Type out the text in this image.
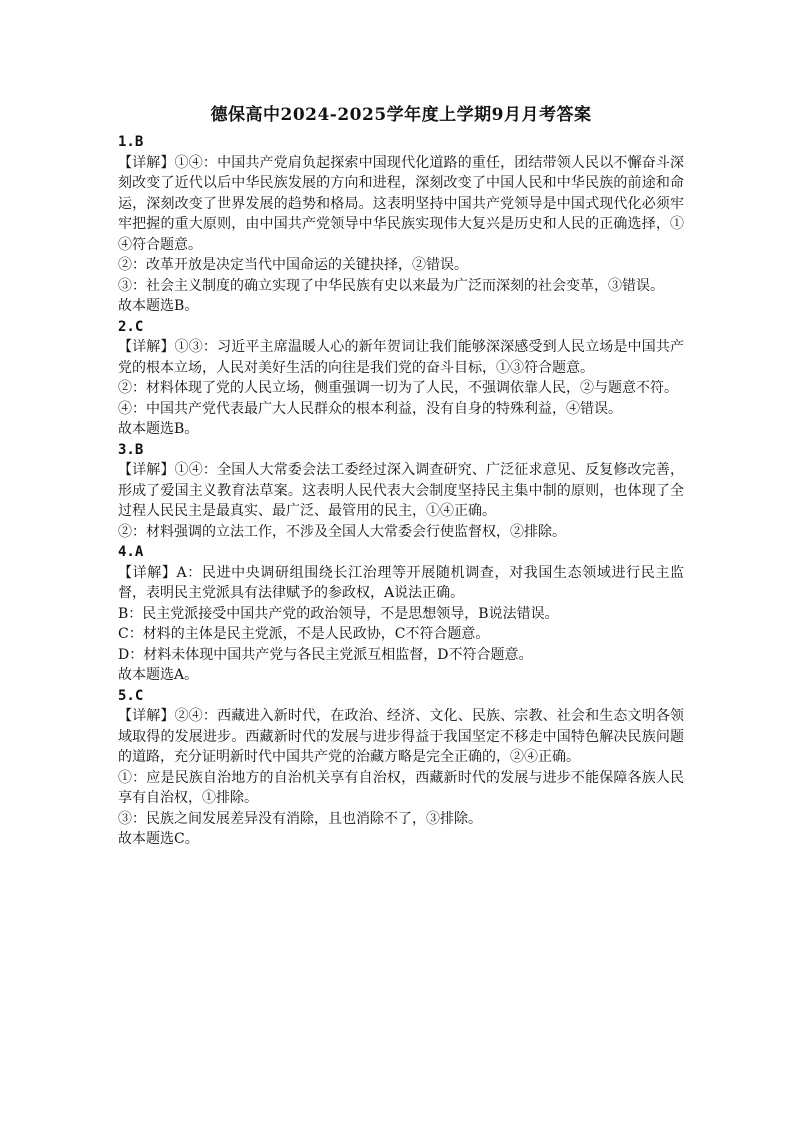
德保高中2024-2025学年度上学期9月月考答案

1.B

【详解】①④：中国共产党肩负起探索中国现代化道路的重任，团结带领人民以不懈奋斗深刻改变了近代以后中华民族发展的方向和进程，深刻改变了中国人民和中华民族的前途和命运，深刻改变了世界发展的趋势和格局。这表明坚持中国共产党领导是中国式现代化必须牢牢把握的重大原则，由中国共产党领导中华民族实现伟大复兴是历史和人民的正确选择，①④符合题意。

②：改革开放是决定当代中国命运的关键抉择，②错误。

③：社会主义制度的确立实现了中华民族有史以来最为广泛而深刻的社会变革，③错误。

故本题选B。

2.C

【详解】①③：习近平主席温暖人心的新年贺词让我们能够深深感受到人民立场是中国共产党的根本立场，人民对美好生活的向往是我们党的奋斗目标，①③符合题意。

②：材料体现了党的人民立场，侧重强调一切为了人民，不强调依靠人民，②与题意不符。

④：中国共产党代表最广大人民群众的根本利益，没有自身的特殊利益，④错误。

故本题选B。

3.B

【详解】①④：全国人大常委会法工委经过深入调查研究、广泛征求意见、反复修改完善，形成了爱国主义教育法草案。这表明人民代表大会制度坚持民主集中制的原则，也体现了全过程人民民主是最真实、最广泛、最管用的民主，①④正确。

②：材料强调的立法工作，不涉及全国人大常委会行使监督权，②排除。

4.A

【详解】A：民进中央调研组围绕长江治理等开展随机调查，对我国生态领域进行民主监督，表明民主党派具有法律赋予的参政权，A说法正确。

B：民主党派接受中国共产党的政治领导，不是思想领导，B说法错误。

C：材料的主体是民主党派，不是人民政协，C不符合题意。

D：材料未体现中国共产党与各民主党派互相监督，D不符合题意。

故本题选A。

5.C

【详解】②④：西藏进入新时代，在政治、经济、文化、民族、宗教、社会和生态文明各领域取得的发展进步。西藏新时代的发展与进步得益于我国坚定不移走中国特色解决民族问题的道路，充分证明新时代中国共产党的治藏方略是完全正确的，②④正确。

①：应是民族自治地方的自治机关享有自治权，西藏新时代的发展与进步不能保障各族人民享有自治权，①排除。

③：民族之间发展差异没有消除，且也消除不了，③排除。

故本题选C。
